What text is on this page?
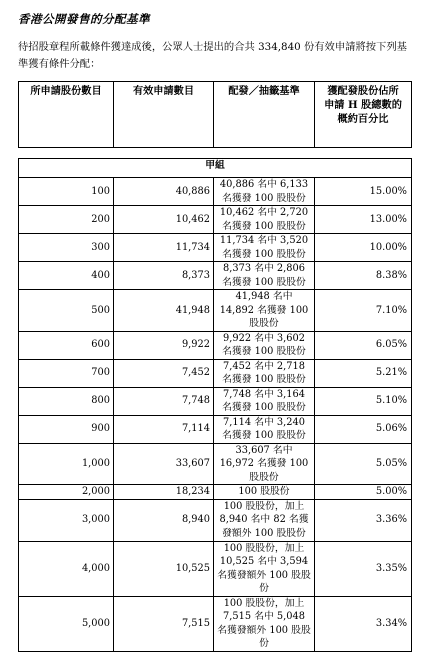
香港公開發售的分配基準
待招股章程所載條件獲達成後，公眾人士提出的合共 334,840 份有效申請將按下列基準獲有條件分配：
所申請股份數目	有效申請數目	配發／抽籤基準	獲配發股份佔所申請 H 股總數的概約百分比

甲組			

100	40,886	40,886 名中 6,133 名獲發 100 股股份	15.00%
200	10,462	10,462 名中 2,720 名獲發 100 股股份	13.00%
300	11,734	11,734 名中 3,520 名獲發 100 股股份	10.00%
400	8,373	8,373 名中 2,806 名獲發 100 股股份	8.38%
500	41,948	41,948 名中 14,892 名獲發 100 股股份	7.10%
600	9,922	9,922 名中 3,602 名獲發 100 股股份	6.05%
700	7,452	7,452 名中 2,718 名獲發 100 股股份	5.21%
800	7,748	7,748 名中 3,164 名獲發 100 股股份	5.10%
900	7,114	7,114 名中 3,240 名獲發 100 股股份	5.06%
1,000	33,607	33,607 名中 16,972 名獲發 100 股股份	5.05%
2,000	18,234	100 股股份	5.00%
3,000	8,940	100 股股份，加上 8,940 名中 82 名獲發額外 100 股股份	3.36%
4,000	10,525	100 股股份，加上 10,525 名中 3,594 名獲發額外 100 股股份	3.35%
5,000	7,515	100 股股份，加上 7,515 名中 5,048 名獲發額外 100 股股份	3.34%
